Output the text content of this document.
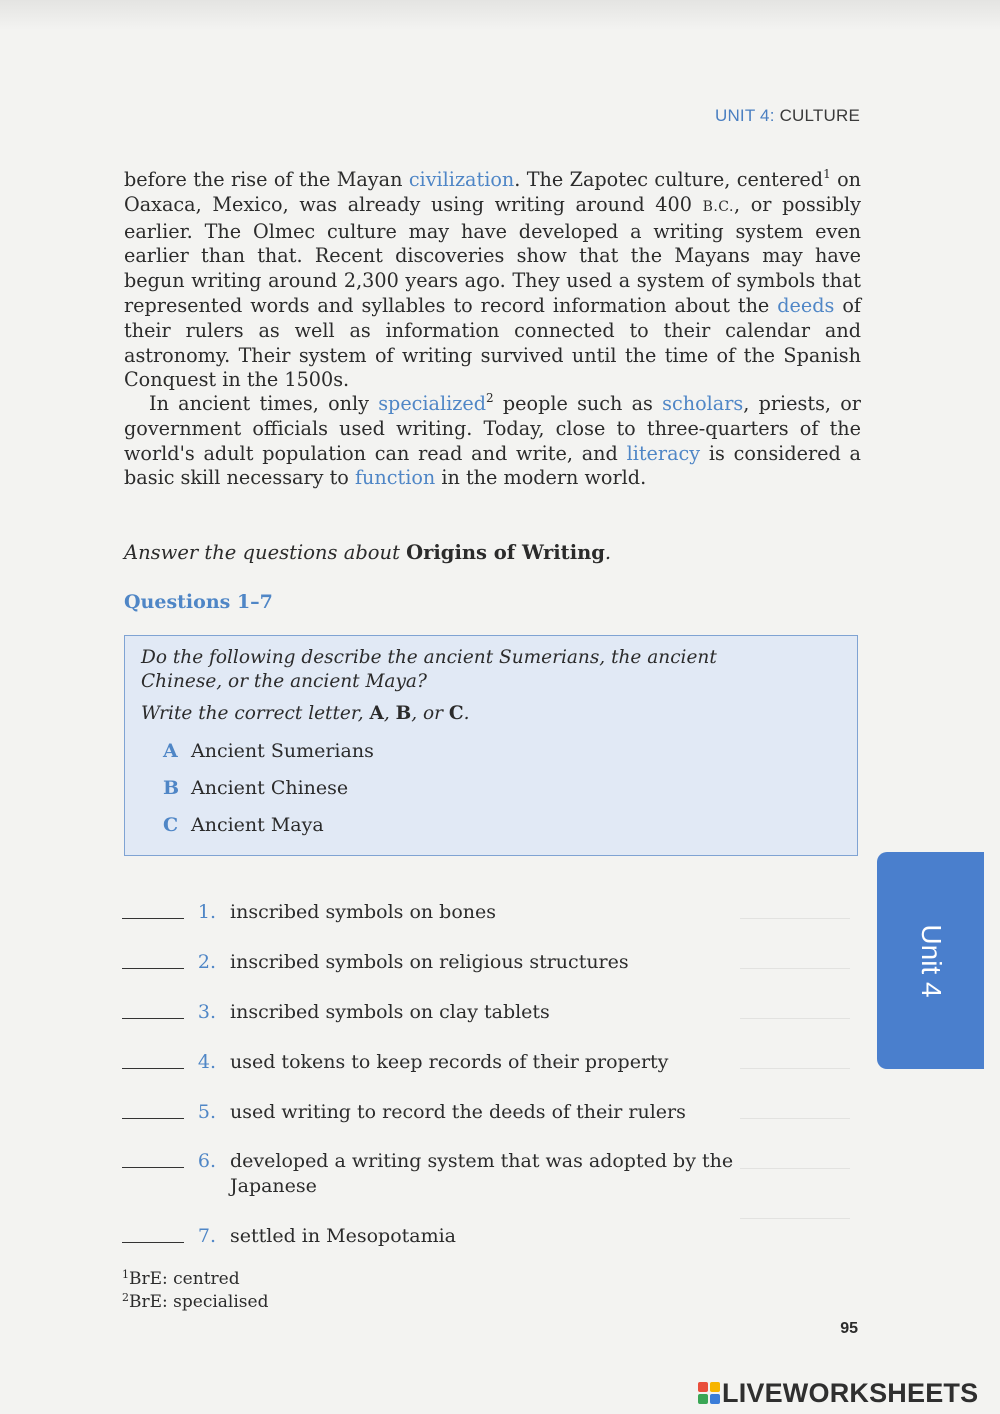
UNIT 4: CULTURE

before the rise of the Mayan civilization. The Zapotec culture, centered$^1$ on Oaxaca, Mexico, was already using writing around 400 B.C., or possibly earlier. The Olmec culture may have developed a writing system even earlier than that. Recent discoveries show that the Mayans may have begun writing around 2,300 years ago. They used a system of symbols that represented words and syllables to record information about the deeds of their rulers as well as information connected to their calendar and astronomy. Their system of writing survived until the time of the Spanish Conquest in the 1500s.

In ancient times, only specialized$^2$ people such as scholars, priests, or government officials used writing. Today, close to three-quarters of the world's adult population can read and write, and literacy is considered a basic skill necessary to function in the modern world.

Answer the questions about Origins of Writing.

Questions 1–7

Do the following describe the ancient Sumerians, the ancient Chinese, or the ancient Maya?

Write the correct letter, A, B, or C.

A Ancient Sumerians

B Ancient Chinese

C Ancient Maya

1. inscribed symbols on bones
2. inscribed symbols on religious structures
3. inscribed symbols on clay tablets
4. used tokens to keep records of their property
5. used writing to record the deeds of their rulers
6. developed a writing system that was adopted by the Japanese
7. settled in Mesopotamia
$^1$BrE: centred
$^2$BrE: specialised
95
Unit 4
LIVEWORKSHEETS
